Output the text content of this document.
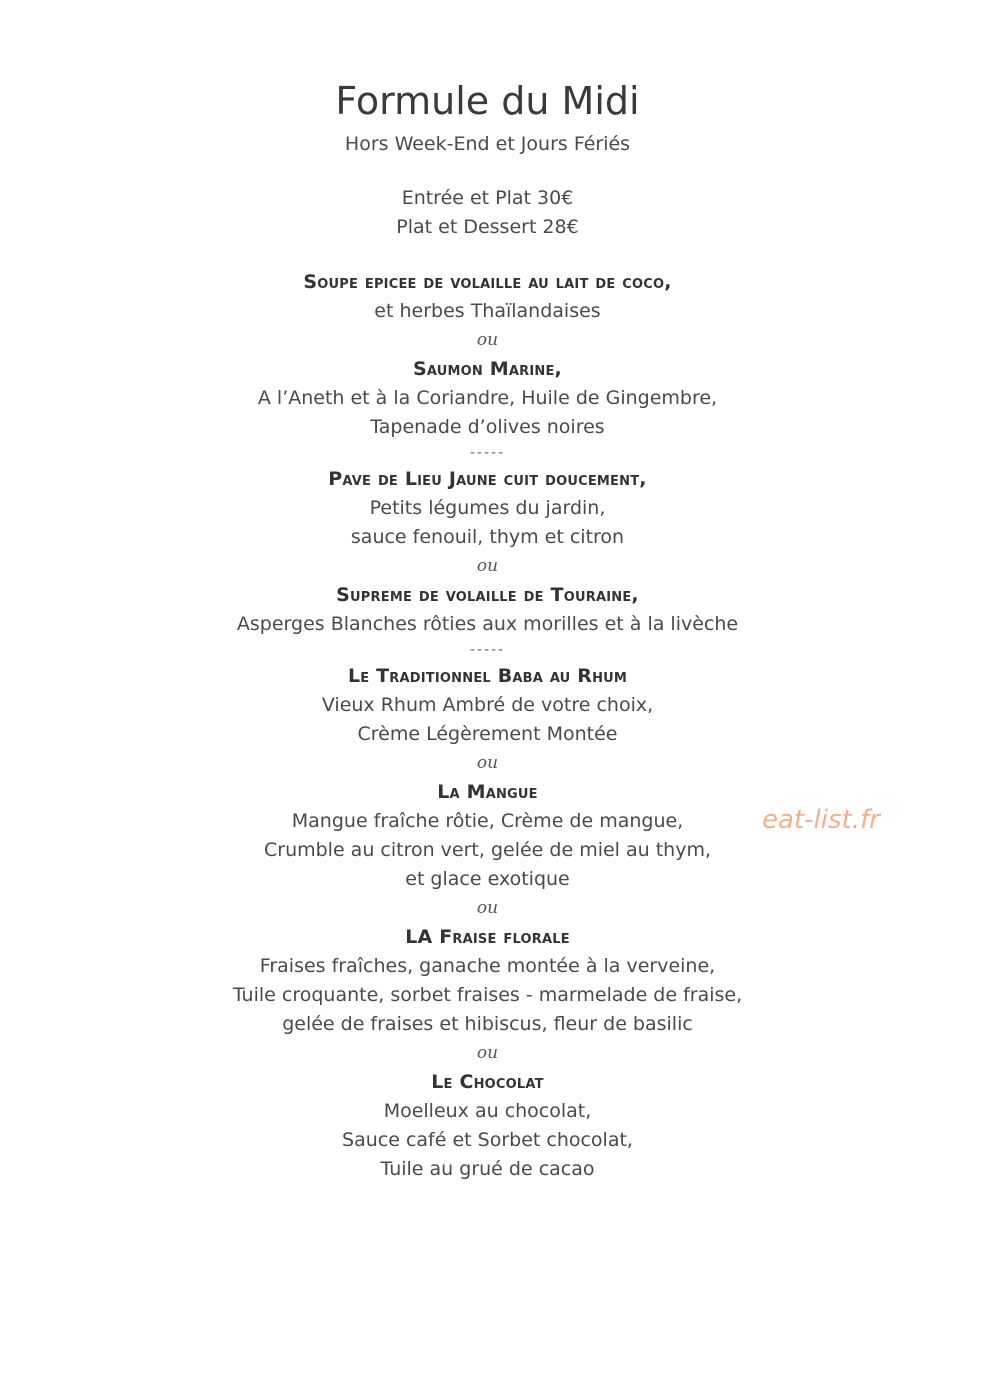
Formule du Midi
Hors Week-End et Jours Fériés
Entrée et Plat 30€
Plat et Dessert 28€
Soupe epicee de volaille au lait de coco,
et herbes Thaïlandaises
ou
Saumon Marine,
A l’Aneth et à la Coriandre, Huile de Gingembre,
Tapenade d’olives noires
-----
Pave de Lieu Jaune cuit doucement,
Petits légumes du jardin,
sauce fenouil, thym et citron
ou
Supreme de volaille de Touraine,
Asperges Blanches rôties aux morilles et à la livèche
-----
Le Traditionnel Baba au Rhum
Vieux Rhum Ambré de votre choix,
Crème Légèrement Montée
ou
La Mangue
Mangue fraîche rôtie, Crème de mangue,
Crumble au citron vert, gelée de miel au thym,
et glace exotique
ou
LA Fraise florale
Fraises fraîches, ganache montée à la verveine,
Tuile croquante, sorbet fraises - marmelade de fraise,
gelée de fraises et hibiscus, fleur de basilic
ou
Le Chocolat
Moelleux au chocolat,
Sauce café et Sorbet chocolat,
Tuile au grué de cacao
eat-list.fr
